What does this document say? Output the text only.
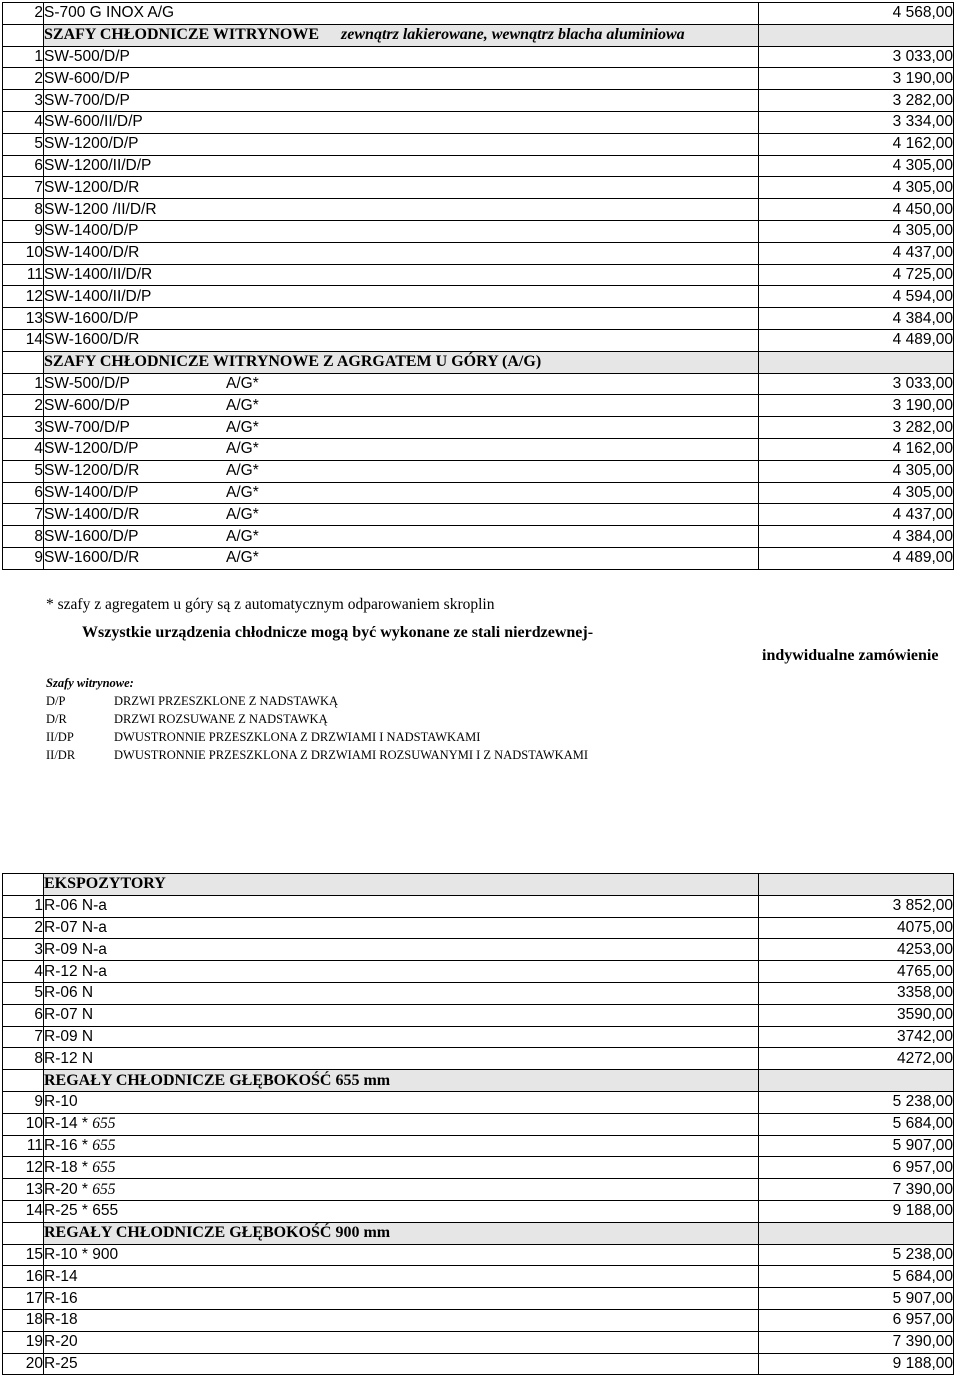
2	S-700 G INOX A/G	4 568,00
	SZAFY CHŁODNICZE WITRYNOWE zewnątrz lakierowane, wewnątrz blacha aluminiowa	
1	SW-500/D/P	3 033,00
2	SW-600/D/P	3 190,00
3	SW-700/D/P	3 282,00
4	SW-600/II/D/P	3 334,00
5	SW-1200/D/P	4 162,00
6	SW-1200/II/D/P	4 305,00
7	SW-1200/D/R	4 305,00
8	SW-1200 /II/D/R	4 450,00
9	SW-1400/D/P	4 305,00
10	SW-1400/D/R	4 437,00
11	SW-1400/II/D/R	4 725,00
12	SW-1400/II/D/P	4 594,00
13	SW-1600/D/P	4 384,00
14	SW-1600/D/R	4 489,00
	SZAFY CHŁODNICZE WITRYNOWE Z AGRGATEM U GÓRY (A/G)	
1	SW-500/D/P A/G*	3 033,00
2	SW-600/D/P A/G*	3 190,00
3	SW-700/D/P A/G*	3 282,00
4	SW-1200/D/P A/G*	4 162,00
5	SW-1200/D/R A/G*	4 305,00
6	SW-1400/D/P A/G*	4 305,00
7	SW-1400/D/R A/G*	4 437,00
8	SW-1600/D/P A/G*	4 384,00
9	SW-1600/D/R A/G*	4 489,00
* szafy z agregatem u góry są z automatycznym odparowaniem skroplin
Wszystkie urządzenia chłodnicze mogą być wykonane ze stali nierdzewnej-
indywidualne zamówienie
Szafy witrynowe:
D/P	DRZWI PRZESZKLONE Z NADSTAWKĄ
D/R	DRZWI ROZSUWANE Z NADSTAWKĄ
II/DP	DWUSTRONNIE PRZESZKLONA Z DRZWIAMI I NADSTAWKAMI
II/DR	DWUSTRONNIE PRZESZKLONA Z DRZWIAMI ROZSUWANYMI I Z NADSTAWKAMI
	EKSPOZYTORY	
1	R-06 N-a	3 852,00
2	R-07 N-a	4075,00
3	R-09 N-a	4253,00
4	R-12 N-a	4765,00
5	R-06 N	3358,00
6	R-07 N	3590,00
7	R-09 N	3742,00
8	R-12 N	4272,00
	REGAŁY CHŁODNICZE GŁĘBOKOŚĆ 655 mm	
9	R-10	5 238,00
10	R-14 * 655	5 684,00
11	R-16 * 655	5 907,00
12	R-18 * 655	6 957,00
13	R-20 * 655	7 390,00
14	R-25 * 655	9 188,00
	REGAŁY CHŁODNICZE GŁĘBOKOŚĆ 900 mm	
15	R-10 * 900	5 238,00
16	R-14	5 684,00
17	R-16	5 907,00
18	R-18	6 957,00
19	R-20	7 390,00
20	R-25	9 188,00
